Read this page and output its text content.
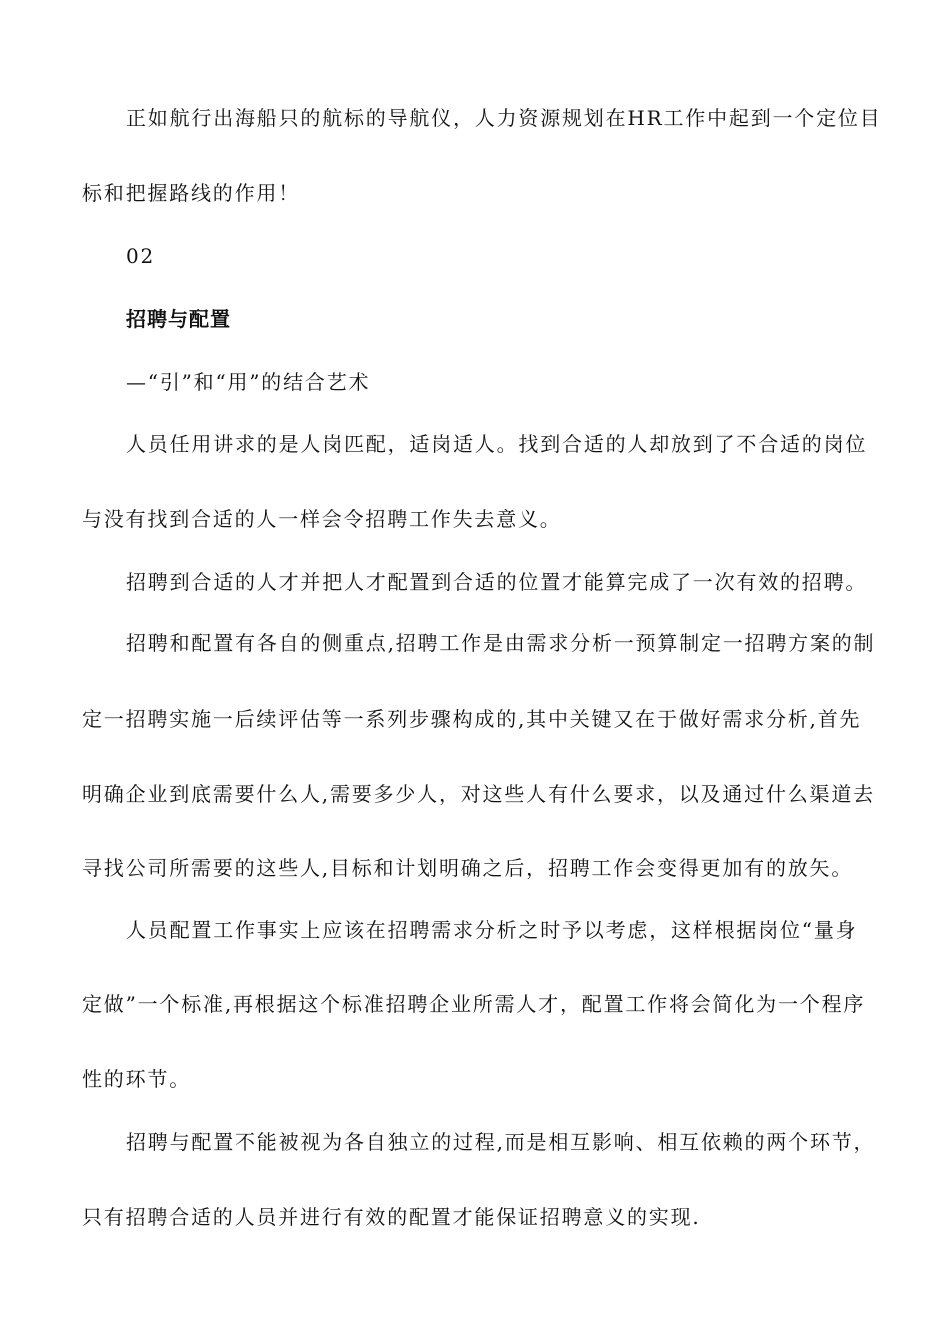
正如航行出海船只的航标的导航仪，人力资源规划在HR工作中起到一个定位目
标和把握路线的作用！
02
招聘与配置
—“引”和“用”的结合艺术
人员任用讲求的是人岗匹配，适岗适人。找到合适的人却放到了不合适的岗位
与没有找到合适的人一样会令招聘工作失去意义。
招聘到合适的人才并把人才配置到合适的位置才能算完成了一次有效的招聘。
招聘和配置有各自的侧重点,招聘工作是由需求分析一预算制定一招聘方案的制
定一招聘实施一后续评估等一系列步骤构成的,其中关键又在于做好需求分析,首先
明确企业到底需要什么人,需要多少人，对这些人有什么要求，以及通过什么渠道去
寻找公司所需要的这些人,目标和计划明确之后，招聘工作会变得更加有的放矢。
人员配置工作事实上应该在招聘需求分析之时予以考虑，这样根据岗位“量身
定做”一个标准,再根据这个标准招聘企业所需人才，配置工作将会简化为一个程序
性的环节。
招聘与配置不能被视为各自独立的过程,而是相互影响、相互依赖的两个环节，
只有招聘合适的人员并进行有效的配置才能保证招聘意义的实现.
